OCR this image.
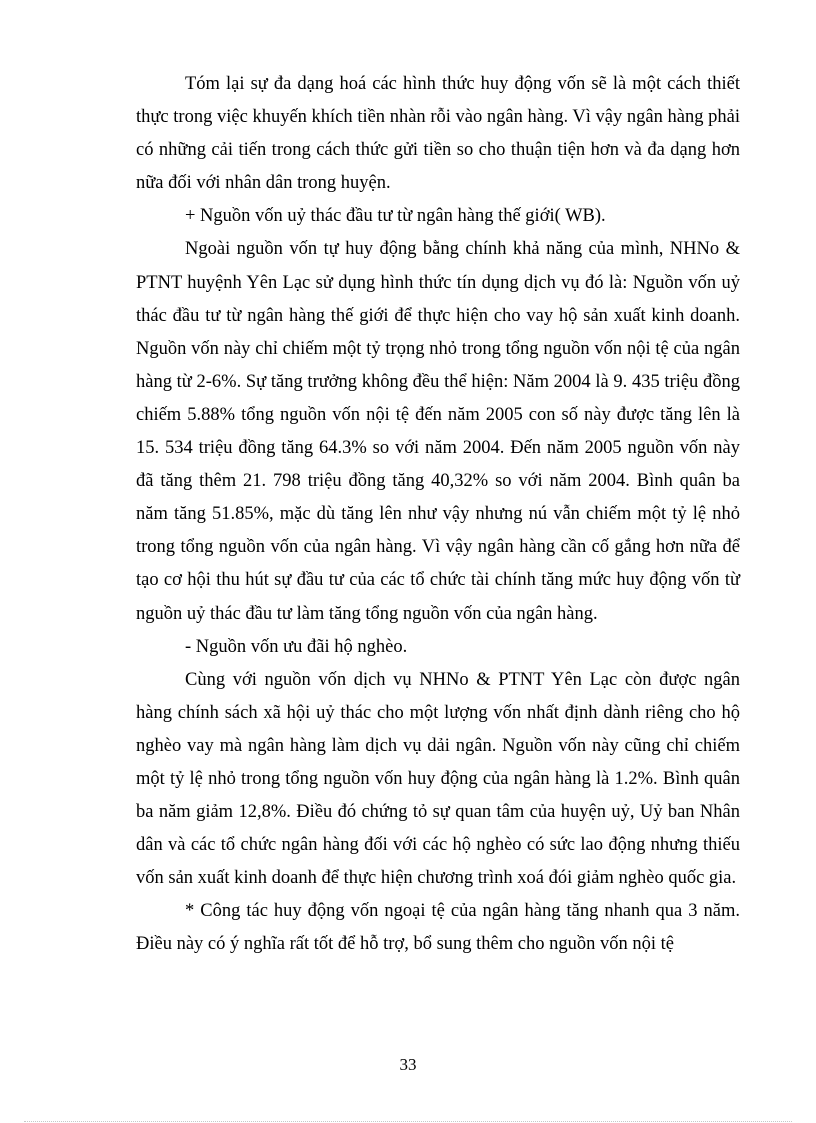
Tóm lại sự đa dạng hoá các hình thức huy động vốn sẽ là một cách thiết thực trong việc khuyến khích tiền nhàn rỗi vào ngân hàng. Vì vậy ngân hàng phải có những cải tiến trong cách thức gửi tiền so cho thuận tiện hơn và đa dạng hơn nữa đối với nhân dân trong huyện.

+ Nguồn vốn uỷ thác đầu tư từ ngân hàng thế giới( WB).

Ngoài nguồn vốn tự huy động bằng chính khả năng của mình, NHNo & PTNT huyệnh Yên Lạc sử dụng hình thức tín dụng dịch vụ đó là: Nguồn vốn uỷ thác đầu tư từ ngân hàng thế giới để thực hiện cho vay hộ sản xuất kinh doanh. Nguồn vốn này chỉ chiếm một tỷ trọng nhỏ trong tổng nguồn vốn nội tệ của ngân hàng từ 2-6%. Sự tăng trưởng không đều thể hiện: Năm 2004 là 9. 435 triệu đồng chiếm 5.88% tổng nguồn vốn nội tệ đến năm 2005 con số này được tăng lên là 15. 534 triệu đồng tăng 64.3% so với năm 2004. Đến năm 2005 nguồn vốn này đã tăng thêm 21. 798 triệu đồng tăng 40,32% so với năm 2004. Bình quân ba năm tăng 51.85%, mặc dù tăng lên như vậy nhưng nú vẫn chiếm một tỷ lệ nhỏ trong tổng nguồn vốn của ngân hàng. Vì vậy ngân hàng cần cố gắng hơn nữa để tạo cơ hội thu hút sự đầu tư của các tổ chức tài chính tăng mức huy động vốn từ nguồn uỷ thác đầu tư làm tăng tổng nguồn vốn của ngân hàng.

- Nguồn vốn ưu đãi hộ nghèo.

Cùng với nguồn vốn dịch vụ NHNo & PTNT Yên Lạc còn được ngân hàng chính sách xã hội uỷ thác cho một lượng vốn nhất định dành riêng cho hộ nghèo vay mà ngân hàng làm dịch vụ dải ngân. Nguồn vốn này cũng chỉ chiếm một tỷ lệ nhỏ trong tổng nguồn vốn huy động của ngân hàng là 1.2%. Bình quân ba năm giảm 12,8%. Điều đó chứng tỏ sự quan tâm của huyện uỷ, Uỷ ban Nhân dân và các tổ chức ngân hàng đối với các hộ nghèo có sức lao động nhưng thiếu vốn sản xuất kinh doanh để thực hiện chương trình xoá đói giảm nghèo quốc gia.

* Công tác huy động vốn ngoại tệ của ngân hàng tăng nhanh qua 3 năm. Điều này có ý nghĩa rất tốt để hỗ trợ, bổ sung thêm cho nguồn vốn nội tệ

33
